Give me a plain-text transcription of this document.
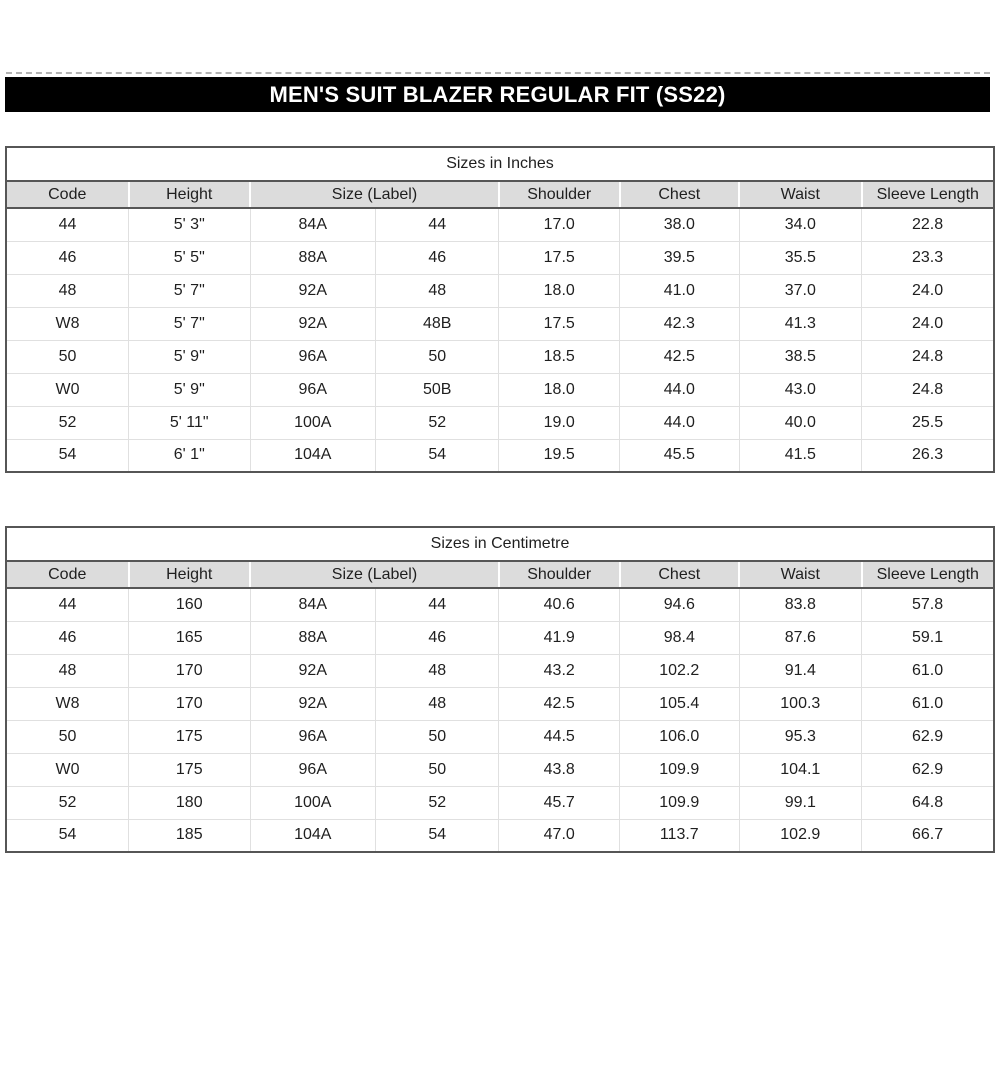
MEN'S SUIT BLAZER REGULAR FIT (SS22)
Sizes in Inches							
Code	Height	Size (Label)		Shoulder	Chest	Waist	Sleeve Length
44	5' 3"	84A	44	17.0	38.0	34.0	22.8
46	5' 5"	88A	46	17.5	39.5	35.5	23.3
48	5' 7"	92A	48	18.0	41.0	37.0	24.0
W8	5' 7"	92A	48B	17.5	42.3	41.3	24.0
50	5' 9"	96A	50	18.5	42.5	38.5	24.8
W0	5' 9"	96A	50B	18.0	44.0	43.0	24.8
52	5' 11"	100A	52	19.0	44.0	40.0	25.5
54	6' 1"	104A	54	19.5	45.5	41.5	26.3
Sizes in Centimetre							
Code	Height	Size (Label)		Shoulder	Chest	Waist	Sleeve Length
44	160	84A	44	40.6	94.6	83.8	57.8
46	165	88A	46	41.9	98.4	87.6	59.1
48	170	92A	48	43.2	102.2	91.4	61.0
W8	170	92A	48	42.5	105.4	100.3	61.0
50	175	96A	50	44.5	106.0	95.3	62.9
W0	175	96A	50	43.8	109.9	104.1	62.9
52	180	100A	52	45.7	109.9	99.1	64.8
54	185	104A	54	47.0	113.7	102.9	66.7
